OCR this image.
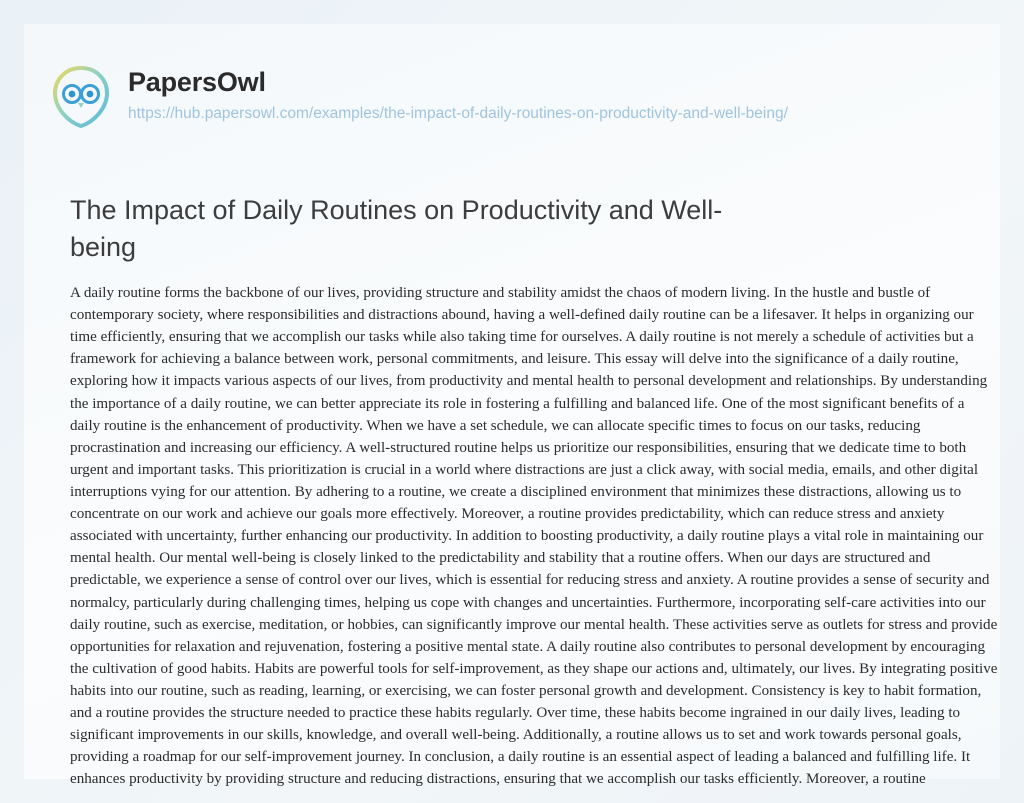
PapersOwl
https://hub.papersowl.com/examples/the-impact-of-daily-routines-on-productivity-and-well-being/
The Impact of Daily Routines on Productivity and Well-being

A daily routine forms the backbone of our lives, providing structure and stability amidst the chaos of modern living. In the hustle and bustle of contemporary society, where responsibilities and distractions abound, having a well-defined daily routine can be a lifesaver. It helps in organizing our time efficiently, ensuring that we accomplish our tasks while also taking time for ourselves. A daily routine is not merely a schedule of activities but a framework for achieving a balance between work, personal commitments, and leisure. This essay will delve into the significance of a daily routine, exploring how it impacts various aspects of our lives, from productivity and mental health to personal development and relationships. By understanding the importance of a daily routine, we can better appreciate its role in fostering a fulfilling and balanced life. One of the most significant benefits of a daily routine is the enhancement of productivity. When we have a set schedule, we can allocate specific times to focus on our tasks, reducing procrastination and increasing our efficiency. A well-structured routine helps us prioritize our responsibilities, ensuring that we dedicate time to both urgent and important tasks. This prioritization is crucial in a world where distractions are just a click away, with social media, emails, and other digital interruptions vying for our attention. By adhering to a routine, we create a disciplined environment that minimizes these distractions, allowing us to concentrate on our work and achieve our goals more effectively. Moreover, a routine provides predictability, which can reduce stress and anxiety associated with uncertainty, further enhancing our productivity. In addition to boosting productivity, a daily routine plays a vital role in maintaining our mental health. Our mental well-being is closely linked to the predictability and stability that a routine offers. When our days are structured and predictable, we experience a sense of control over our lives, which is essential for reducing stress and anxiety. A routine provides a sense of security and normalcy, particularly during challenging times, helping us cope with changes and uncertainties. Furthermore, incorporating self-care activities into our daily routine, such as exercise, meditation, or hobbies, can significantly improve our mental health. These activities serve as outlets for stress and provide opportunities for relaxation and rejuvenation, fostering a positive mental state. A daily routine also contributes to personal development by encouraging the cultivation of good habits. Habits are powerful tools for self-improvement, as they shape our actions and, ultimately, our lives. By integrating positive habits into our routine, such as reading, learning, or exercising, we can foster personal growth and development. Consistency is key to habit formation, and a routine provides the structure needed to practice these habits regularly. Over time, these habits become ingrained in our daily lives, leading to significant improvements in our skills, knowledge, and overall well-being. Additionally, a routine allows us to set and work towards personal goals, providing a roadmap for our self-improvement journey. In conclusion, a daily routine is an essential aspect of leading a balanced and fulfilling life. It enhances productivity by providing structure and reducing distractions, ensuring that we accomplish our tasks efficiently. Moreover, a routine
